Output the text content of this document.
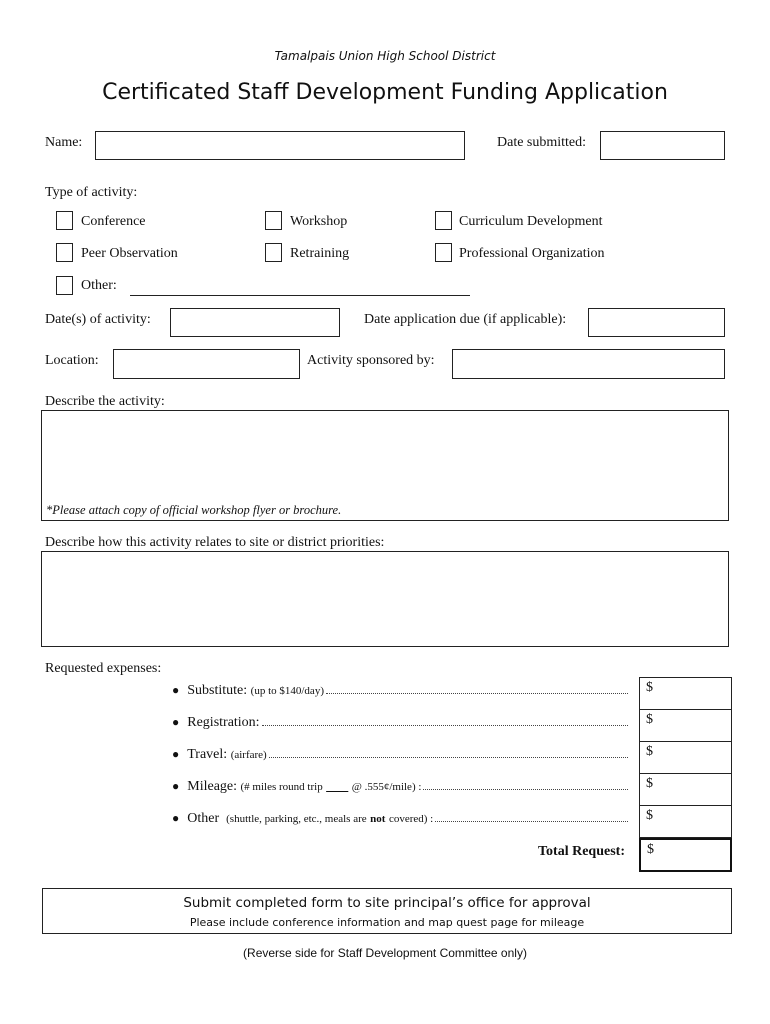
Tamalpais Union High School District
Certificated Staff Development Funding Application
Name:	Date submitted:
Type of activity:
Conference	Workshop	Curriculum Development
Peer Observation	Retraining	Professional Organization
Other:
Date(s) of activity:	Date application due (if applicable):
Location:	Activity sponsored by:
Describe the activity:
*Please attach copy of official workshop flyer or brochure.
Describe how this activity relates to site or district priorities:
Requested expenses:
● Substitute:
(up to $140/day)	$
● Registration:	$
● Travel:
(airfare)	$
● Mileage:
(# miles round trip
____
@ .555¢/mile) :	$
● Other
(shuttle, parking, etc., meals are
not
covered) :	$
Total Request:	$
Submit completed form to site principal’s office for approval
Please include conference information and map quest page for mileage
(Reverse side for Staff Development Committee only)
